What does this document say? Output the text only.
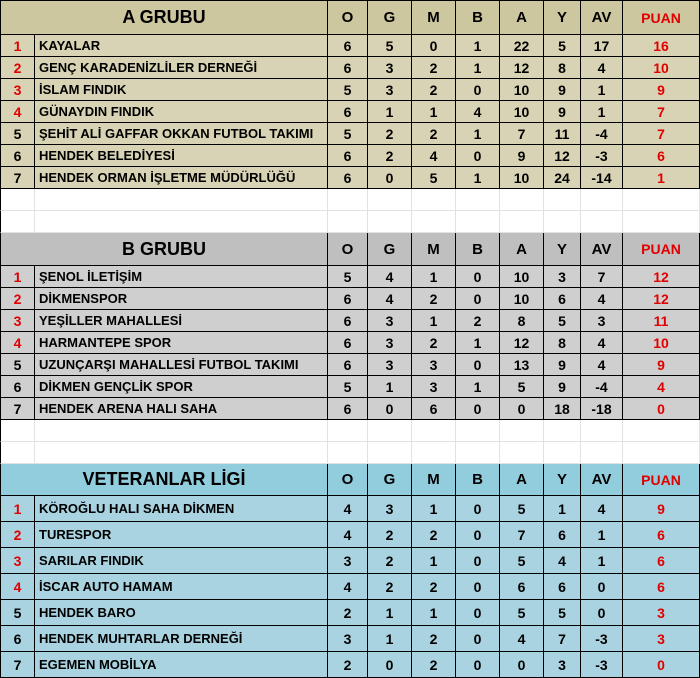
A GRUBU	O	G	M	B	A	Y	AV	PUAN
1	KAYALAR	6	5	0	1	22	5	17	16
2	GENÇ KARADENİZLİLER DERNEĞİ	6	3	2	1	12	8	4	10
3	İSLAM FINDIK	5	3	2	0	10	9	1	9
4	GÜNAYDIN FINDIK	6	1	1	4	10	9	1	7
5	ŞEHİT ALİ GAFFAR OKKAN FUTBOL TAKIMI	5	2	2	1	7	11	-4	7
6	HENDEK BELEDİYESİ	6	2	4	0	9	12	-3	6
7	HENDEK ORMAN İŞLETME MÜDÜRLÜĞÜ	6	0	5	1	10	24	-14	1
B GRUBU	O	G	M	B	A	Y	AV	PUAN
1	ŞENOL İLETİŞİM	5	4	1	0	10	3	7	12
2	DİKMENSPOR	6	4	2	0	10	6	4	12
3	YEŞİLLER MAHALLESİ	6	3	1	2	8	5	3	11
4	HARMANTEPE SPOR	6	3	2	1	12	8	4	10
5	UZUNÇARŞI MAHALLESİ FUTBOL TAKIMI	6	3	3	0	13	9	4	9
6	DİKMEN GENÇLİK SPOR	5	1	3	1	5	9	-4	4
7	HENDEK ARENA HALI SAHA	6	0	6	0	0	18	-18	0
VETERANLAR LİGİ	O	G	M	B	A	Y	AV	PUAN
1	KÖROĞLU HALI SAHA DİKMEN	4	3	1	0	5	1	4	9
2	TURESPOR	4	2	2	0	7	6	1	6
3	SARILAR FINDIK	3	2	1	0	5	4	1	6
4	İSCAR AUTO HAMAM	4	2	2	0	6	6	0	6
5	HENDEK BARO	2	1	1	0	5	5	0	3
6	HENDEK MUHTARLAR DERNEĞİ	3	1	2	0	4	7	-3	3
7	EGEMEN MOBİLYA	2	0	2	0	0	3	-3	0
